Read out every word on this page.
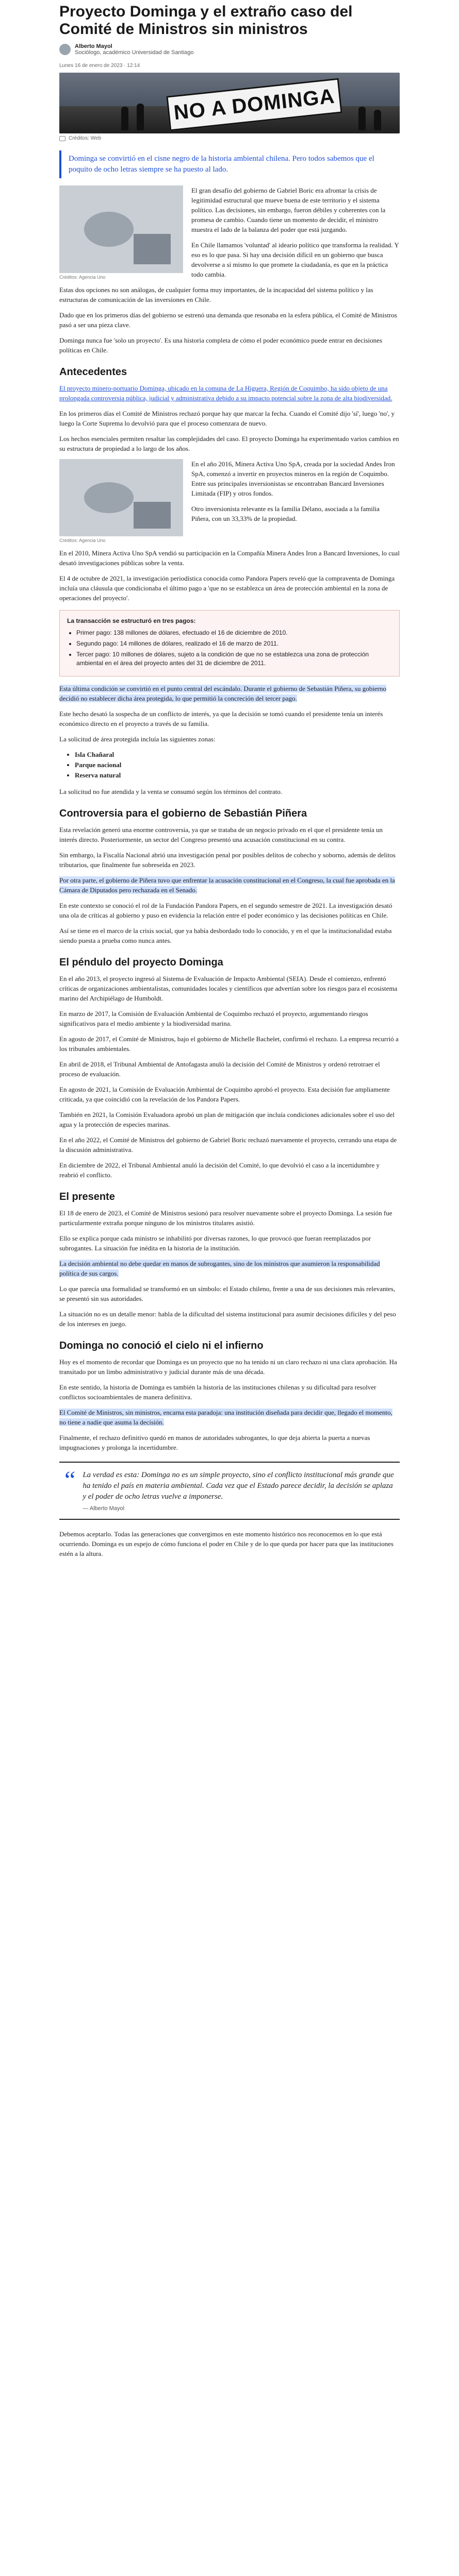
Proyecto Dominga y el extraño caso del Comité de Ministros sin ministros
Alberto Mayol
Sociólogo, académico Universidad de Santiago
Lunes 16 de enero de 2023 · 12:14
NO A DOMINGA
Créditos: Web
Dominga se convirtió en el cisne negro de la historia ambiental chilena. Pero todos sabemos que el poquito de ocho letras siempre se ha puesto al lado.
Créditos: Agencia Uno

El gran desafío del gobierno de Gabriel Boric era afrontar la crisis de legitimidad estructural que mueve buena de este territorio y el sistema político. Las decisiones, sin embargo, fueron débiles y coherentes con la promesa de cambio. Cuando tiene un momento de decidir, el ministro muestra el lado de la balanza del poder que está juzgando.

En Chile llamamos 'voluntad' al ideario político que transforma la realidad. Y eso es lo que pasa. Si hay una decisión difícil en un gobierno que busca devolverse a sí mismo lo que promete la ciudadanía, es que en la práctica todo cambia.

Estas dos opciones no son análogas, de cualquier forma muy importantes, de la incapacidad del sistema político y las estructuras de comunicación de las inversiones en Chile.

Dado que en los primeros días del gobierno se estrenó una demanda que resonaba en la esfera pública, el Comité de Ministros pasó a ser una pieza clave.

Dominga nunca fue 'solo un proyecto'. Es una historia completa de cómo el poder económico puede entrar en decisiones políticas en Chile.

Antecedentes

El proyecto minero-portuario Dominga, ubicado en la comuna de La Higuera, Región de Coquimbo, ha sido objeto de una prolongada controversia pública, judicial y administrativa debido a su impacto potencial sobre la zona de alta biodiversidad.

En los primeros días el Comité de Ministros rechazó porque hay que marcar la fecha. Cuando el Comité dijo 'sí', luego 'no', y luego la Corte Suprema lo devolvió para que el proceso comenzara de nuevo.

Los hechos esenciales permiten resaltar las complejidades del caso. El proyecto Dominga ha experimentado varios cambios en su estructura de propiedad a lo largo de los años.

Créditos: Agencia Uno

En el año 2016, Minera Activa Uno SpA, creada por la sociedad Andes Iron SpA, comenzó a invertir en proyectos mineros en la región de Coquimbo. Entre sus principales inversionistas se encontraban Bancard Inversiones Limitada (FIP) y otros fondos.

Otro inversionista relevante es la familia Délano, asociada a la familia Piñera, con un 33,33% de la propiedad.

En el 2010, Minera Activa Uno SpA vendió su participación en la Compañía Minera Andes Iron a Bancard Inversiones, lo cual desató investigaciones públicas sobre la venta.

El 4 de octubre de 2021, la investigación periodística conocida como Pandora Papers reveló que la compraventa de Dominga incluía una cláusula que condicionaba el último pago a 'que no se establezca un área de protección ambiental en la zona de operaciones del proyecto'.

La transacción se estructuró en tres pagos:
• Primer pago: 138 millones de dólares, efectuado el 16 de diciembre de 2010.
• Segundo pago: 14 millones de dólares, realizado el 16 de marzo de 2011.
• Tercer pago: 10 millones de dólares, sujeto a la condición de que no se establezca una zona de protección ambiental en el área del proyecto antes del 31 de diciembre de 2011.

Esta última condición se convirtió en el punto central del escándalo. Durante el gobierno de Sebastián Piñera, su gobierno decidió no establecer dicha área protegida, lo que permitió la concreción del tercer pago.

Este hecho desató la sospecha de un conflicto de interés, ya que la decisión se tomó cuando el presidente tenía un interés económico directo en el proyecto a través de su familia.

La solicitud de área protegida incluía las siguientes zonas:

• Isla Chañaral
• Parque nacional
• Reserva natural

La solicitud no fue atendida y la venta se consumó según los términos del contrato.

Controversia para el gobierno de Sebastián Piñera

Esta revelación generó una enorme controversia, ya que se trataba de un negocio privado en el que el presidente tenía un interés directo. Posteriormente, un sector del Congreso presentó una acusación constitucional en su contra.

Sin embargo, la Fiscalía Nacional abrió una investigación penal por posibles delitos de cohecho y soborno, además de delitos tributarios, que finalmente fue sobreseída en 2023.

Por otra parte, el gobierno de Piñera tuvo que enfrentar la acusación constitucional en el Congreso, la cual fue aprobada en la Cámara de Diputados pero rechazada en el Senado.

En este contexto se conoció el rol de la Fundación Pandora Papers, en el segundo semestre de 2021. La investigación desató una ola de críticas al gobierno y puso en evidencia la relación entre el poder económico y las decisiones políticas en Chile.

Así se tiene en el marco de la crisis social, que ya había desbordado todo lo conocido, y en el que la institucionalidad estaba siendo puesta a prueba como nunca antes.

El péndulo del proyecto Dominga

En el año 2013, el proyecto ingresó al Sistema de Evaluación de Impacto Ambiental (SEIA). Desde el comienzo, enfrentó críticas de organizaciones ambientalistas, comunidades locales y científicos que advertían sobre los riesgos para el ecosistema marino del Archipiélago de Humboldt.

En marzo de 2017, la Comisión de Evaluación Ambiental de Coquimbo rechazó el proyecto, argumentando riesgos significativos para el medio ambiente y la biodiversidad marina.

En agosto de 2017, el Comité de Ministros, bajo el gobierno de Michelle Bachelet, confirmó el rechazo. La empresa recurrió a los tribunales ambientales.

En abril de 2018, el Tribunal Ambiental de Antofagasta anuló la decisión del Comité de Ministros y ordenó retrotraer el proceso de evaluación.

En agosto de 2021, la Comisión de Evaluación Ambiental de Coquimbo aprobó el proyecto. Esta decisión fue ampliamente criticada, ya que coincidió con la revelación de los Pandora Papers.

También en 2021, la Comisión Evaluadora aprobó un plan de mitigación que incluía condiciones adicionales sobre el uso del agua y la protección de especies marinas.

En el año 2022, el Comité de Ministros del gobierno de Gabriel Boric rechazó nuevamente el proyecto, cerrando una etapa de la discusión administrativa.

En diciembre de 2022, el Tribunal Ambiental anuló la decisión del Comité, lo que devolvió el caso a la incertidumbre y reabrió el conflicto.

El presente

El 18 de enero de 2023, el Comité de Ministros sesionó para resolver nuevamente sobre el proyecto Dominga. La sesión fue particularmente extraña porque ninguno de los ministros titulares asistió.

Ello se explica porque cada ministro se inhabilitó por diversas razones, lo que provocó que fueran reemplazados por subrogantes. La situación fue inédita en la historia de la institución.

La decisión ambiental no debe quedar en manos de subrogantes, sino de los ministros que asumieron la responsabilidad política de sus cargos.

Lo que parecía una formalidad se transformó en un símbolo: el Estado chileno, frente a una de sus decisiones más relevantes, se presentó sin sus autoridades.

La situación no es un detalle menor: habla de la dificultad del sistema institucional para asumir decisiones difíciles y del peso de los intereses en juego.

Dominga no conoció el cielo ni el infierno

Hoy es el momento de recordar que Dominga es un proyecto que no ha tenido ni un claro rechazo ni una clara aprobación. Ha transitado por un limbo administrativo y judicial durante más de una década.

En este sentido, la historia de Dominga es también la historia de las instituciones chilenas y su dificultad para resolver conflictos socioambientales de manera definitiva.

El Comité de Ministros, sin ministros, encarna esta paradoja: una institución diseñada para decidir que, llegado el momento, no tiene a nadie que asuma la decisión.

Finalmente, el rechazo definitivo quedó en manos de autoridades subrogantes, lo que deja abierta la puerta a nuevas impugnaciones y prolonga la incertidumbre.

“ La verdad es esta: Dominga no es un simple proyecto, sino el conflicto institucional más grande que ha tenido el país en materia ambiental. Cada vez que el Estado parece decidir, la decisión se aplaza y el poder de ocho letras vuelve a imponerse.
— Alberto Mayol

Debemos aceptarlo. Todas las generaciones que convergimos en este momento histórico nos reconocemos en lo que está ocurriendo. Dominga es un espejo de cómo funciona el poder en Chile y de lo que queda por hacer para que las instituciones estén a la altura.
